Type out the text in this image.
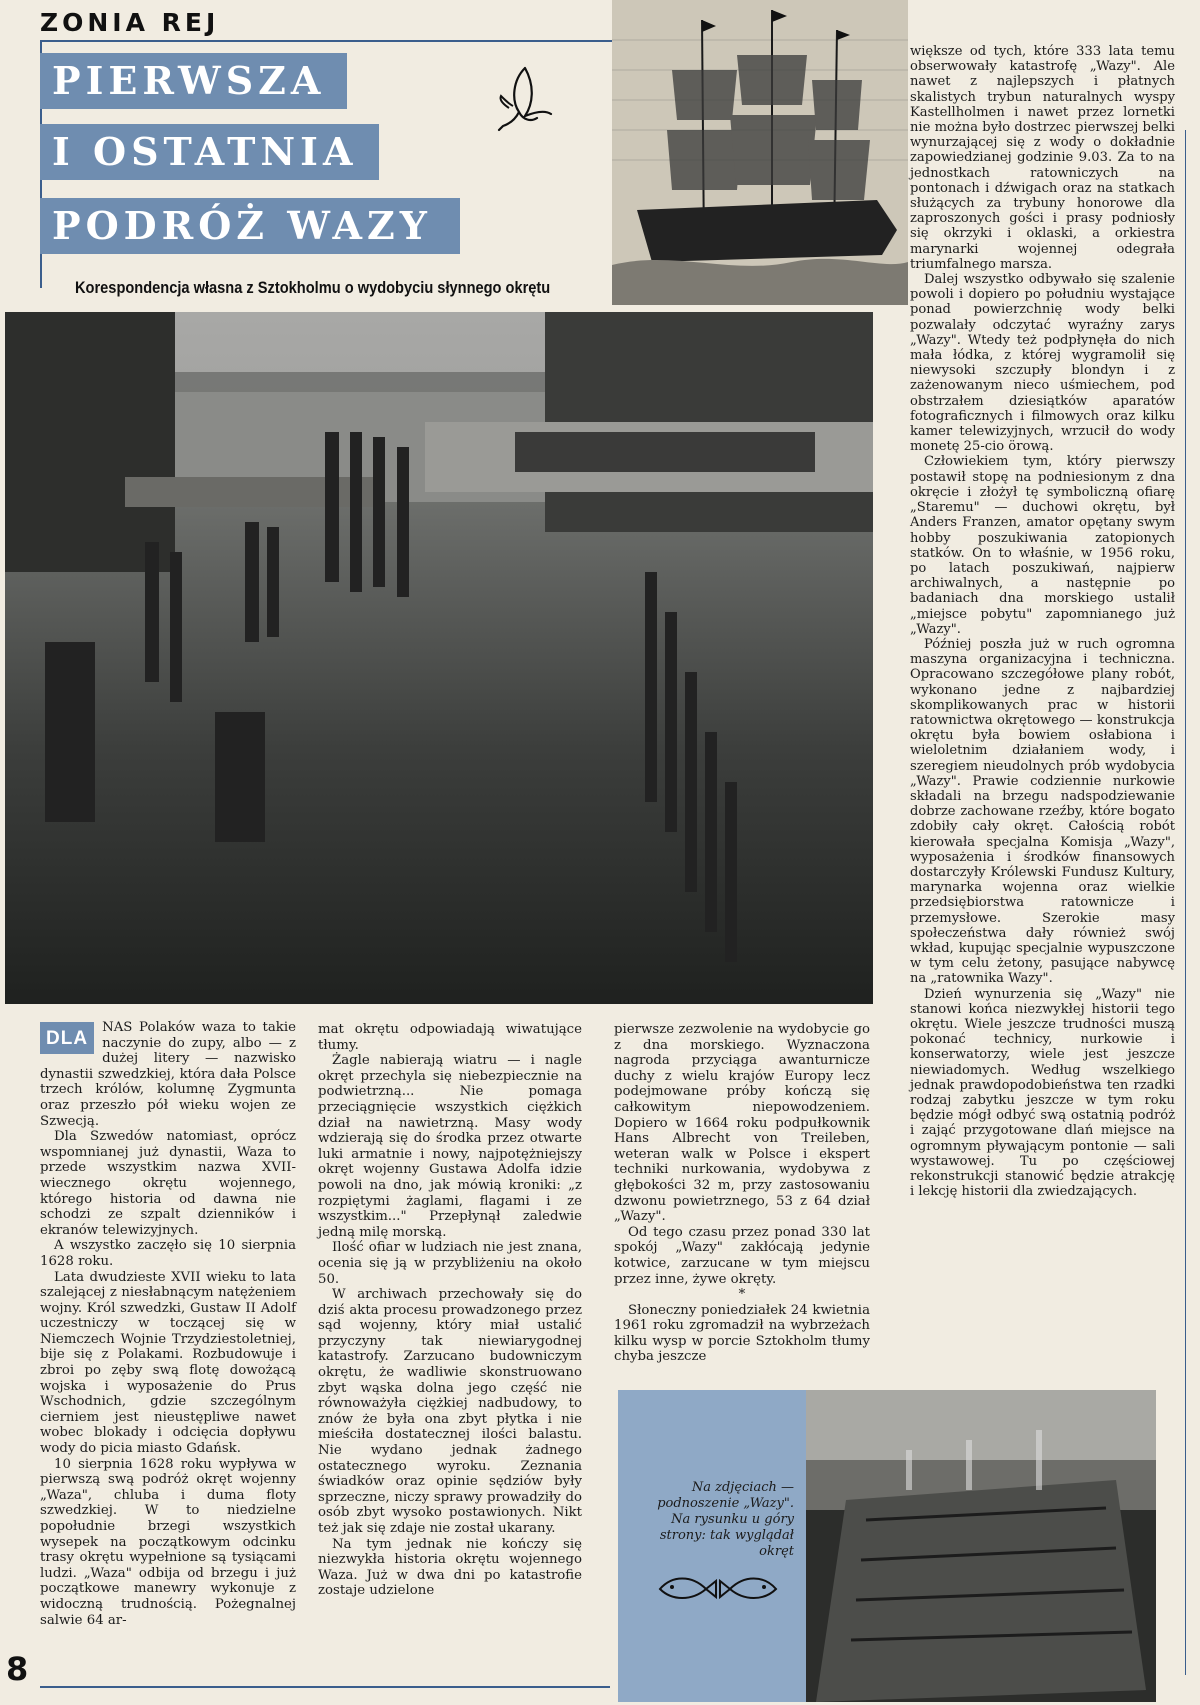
ZONIA REJ
PIERWSZA
I OSTATNIA
PODRÓŻ WAZY
Korespondencja własna z Sztokholmu o wydobyciu słynnego okrętu
Na zdjęciach — podnoszenie „Wazy". Na rysunku u góry strony: tak wyglądał okręt

DLA
NAS Polaków waza to takie naczynie do zupy, albo — z dużej litery — nazwisko dynastii szwedzkiej, która dała Polsce trzech królów, kolumnę Zygmunta oraz przeszło pół wieku wojen ze Szwecją.

Dla Szwedów natomiast, oprócz wspomnianej już dynastii, Waza to przede wszystkim nazwa XVII-wiecznego okrętu wojennego, którego historia od dawna nie schodzi ze szpalt dzienników i ekranów telewizyjnych.

A wszystko zaczęło się 10 sierpnia 1628 roku.

Lata dwudzieste XVII wieku to lata szalejącej z niesłabnącym natężeniem wojny. Król szwedzki, Gustaw II Adolf uczestniczy w toczącej się w Niemczech Wojnie Trzydziestoletniej, bije się z Polakami. Rozbudowuje i zbroi po zęby swą flotę dowożącą wojska i wyposażenie do Prus Wschodnich, gdzie szczególnym cierniem jest nieustępliwe nawet wobec blokady i odcięcia dopływu wody do picia miasto Gdańsk.

10 sierpnia 1628 roku wypływa w pierwszą swą podróż okręt wojenny „Waza", chluba i duma floty szwedzkiej. W to niedzielne popołudnie brzegi wszystkich wysepek na początkowym odcinku trasy okrętu wypełnione są tysiącami ludzi. „Waza" odbija od brzegu i już początkowe manewry wykonuje z widoczną trudnością. Pożegnalnej salwie 64 ar-

mat okrętu odpowiadają wiwatujące tłumy.

Żagle nabierają wiatru — i nagle okręt przechyla się niebezpiecznie na podwietrzną... Nie pomaga przeciągnięcie wszystkich ciężkich dział na nawietrzną. Masy wody wdzierają się do środka przez otwarte luki armatnie i nowy, najpotężniejszy okręt wojenny Gustawa Adolfa idzie powoli na dno, jak mówią kroniki: „z rozpiętymi żaglami, flagami i ze wszystkim..." Przepłynął zaledwie jedną milę morską.

Ilość ofiar w ludziach nie jest znana, ocenia się ją w przybliżeniu na około 50.

W archiwach przechowały się do dziś akta procesu prowadzonego przez sąd wojenny, który miał ustalić przyczyny tak niewiarygodnej katastrofy. Zarzucano budowniczym okrętu, że wadliwie skonstruowano zbyt wąska dolna jego część nie równoważyła ciężkiej nadbudowy, to znów że była ona zbyt płytka i nie mieściła dostatecznej ilości balastu. Nie wydano jednak żadnego ostatecznego wyroku. Zeznania świadków oraz opinie sędziów były sprzeczne, niczy sprawy prowadziły do osób zbyt wysoko postawionych. Nikt też jak się zdaje nie został ukarany.

Na tym jednak nie kończy się niezwykła historia okrętu wojennego Waza. Już w dwa dni po katastrofie zostaje udzielone

pierwsze zezwolenie na wydobycie go z dna morskiego. Wyznaczona nagroda przyciąga awanturnicze duchy z wielu krajów Europy lecz podejmowane próby kończą się całkowitym niepowodzeniem. Dopiero w 1664 roku podpułkownik Hans Albrecht von Treileben, weteran walk w Polsce i ekspert techniki nurkowania, wydobywa z głębokości 32 m, przy zastosowaniu dzwonu powietrznego, 53 z 64 dział „Wazy".

Od tego czasu przez ponad 330 lat spokój „Wazy" zakłócają jedynie kotwice, zarzucane w tym miejscu przez inne, żywe okręty.

*

Słoneczny poniedziałek 24 kwietnia 1961 roku zgromadził na wybrzeżach kilku wysp w porcie Sztokholm tłumy chyba jeszcze

większe od tych, które 333 lata temu obserwowały katastrofę „Wazy". Ale nawet z najlepszych i płatnych skalistych trybun naturalnych wyspy Kastellholmen i nawet przez lornetki nie można było dostrzec pierwszej belki wynurzającej się z wody o dokładnie zapowiedzianej godzinie 9.03. Za to na jednostkach ratowniczych na pontonach i dźwigach oraz na statkach służących za trybuny honorowe dla zaproszonych gości i prasy podniosły się okrzyki i oklaski, a orkiestra marynarki wojennej odegrała triumfalnego marsza.

Dalej wszystko odbywało się szalenie powoli i dopiero po południu wystające ponad powierzchnię wody belki pozwalały odczytać wyraźny zarys „Wazy". Wtedy też podpłynęła do nich mała łódka, z której wygramolił się niewysoki szczupły blondyn i z zażenowanym nieco uśmiechem, pod obstrzałem dziesiątków aparatów fotograficznych i filmowych oraz kilku kamer telewizyjnych, wrzucił do wody monetę 25-cio örową.

Człowiekiem tym, który pierwszy postawił stopę na podniesionym z dna okręcie i złożył tę symboliczną ofiarę „Staremu" — duchowi okrętu, był Anders Franzen, amator opętany swym hobby poszukiwania zatopionych statków. On to właśnie, w 1956 roku, po latach poszukiwań, najpierw archiwalnych, a następnie po badaniach dna morskiego ustalił „miejsce pobytu" zapomnianego już „Wazy".

Później poszła już w ruch ogromna maszyna organizacyjna i techniczna. Opracowano szczegółowe plany robót, wykonano jedne z najbardziej skomplikowanych prac w historii ratownictwa okrętowego — konstrukcja okrętu była bowiem osłabiona i wieloletnim działaniem wody, i szeregiem nieudolnych prób wydobycia „Wazy". Prawie codziennie nurkowie składali na brzegu nadspodziewanie dobrze zachowane rzeźby, które bogato zdobiły cały okręt. Całością robót kierowała specjalna Komisja „Wazy", wyposażenia i środków finansowych dostarczyły Królewski Fundusz Kultury, marynarka wojenna oraz wielkie przedsiębiorstwa ratownicze i przemysłowe. Szerokie masy społeczeństwa dały również swój wkład, kupując specjalnie wypuszczone w tym celu żetony, pasujące nabywcę na „ratownika Wazy".

Dzień wynurzenia się „Wazy" nie stanowi końca niezwykłej historii tego okrętu. Wiele jeszcze trudności muszą pokonać technicy, nurkowie i konserwatorzy, wiele jest jeszcze niewiadomych. Według wszelkiego jednak prawdopodobieństwa ten rzadki rodzaj zabytku jeszcze w tym roku będzie mógł odbyć swą ostatnią podróż i zająć przygotowane dlań miejsce na ogromnym pływającym pontonie — sali wystawowej. Tu po częściowej rekonstrukcji stanowić będzie atrakcję i lekcję historii dla zwiedzających.

8
